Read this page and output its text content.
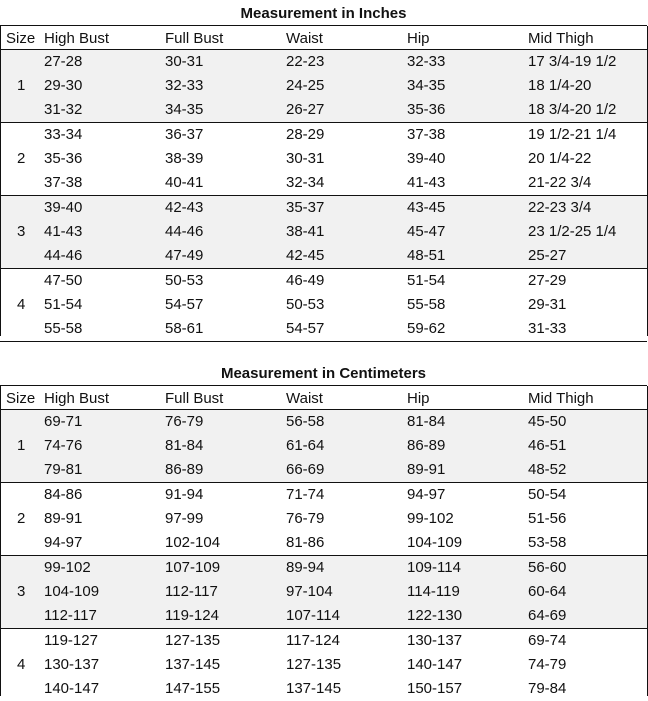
Measurement in Inches
Size High Bust	Full Bust	Waist	Hip	Mid Thigh
1
27-28	30-31	22-23	32-33	17 3/4-19 1/2
29-30	32-33	24-25	34-35	18 1/4-20
31-32	34-35	26-27	35-36	18 3/4-20 1/2
2
33-34	36-37	28-29	37-38	19 1/2-21 1/4
35-36	38-39	30-31	39-40	20 1/4-22
37-38	40-41	32-34	41-43	21-22 3/4
3
39-40	42-43	35-37	43-45	22-23 3/4
41-43	44-46	38-41	45-47	23 1/2-25 1/4
44-46	47-49	42-45	48-51	25-27
4
47-50	50-53	46-49	51-54	27-29
51-54	54-57	50-53	55-58	29-31
55-58	58-61	54-57	59-62	31-33
Measurement in Centimeters
Size High Bust	Full Bust	Waist	Hip	Mid Thigh
1
69-71	76-79	56-58	81-84	45-50
74-76	81-84	61-64	86-89	46-51
79-81	86-89	66-69	89-91	48-52
2
84-86	91-94	71-74	94-97	50-54
89-91	97-99	76-79	99-102	51-56
94-97	102-104	81-86	104-109	53-58
3
99-102	107-109	89-94	109-114	56-60
104-109	112-117	97-104	114-119	60-64
112-117	119-124	107-114	122-130	64-69
4
119-127	127-135	117-124	130-137	69-74
130-137	137-145	127-135	140-147	74-79
140-147	147-155	137-145	150-157	79-84
